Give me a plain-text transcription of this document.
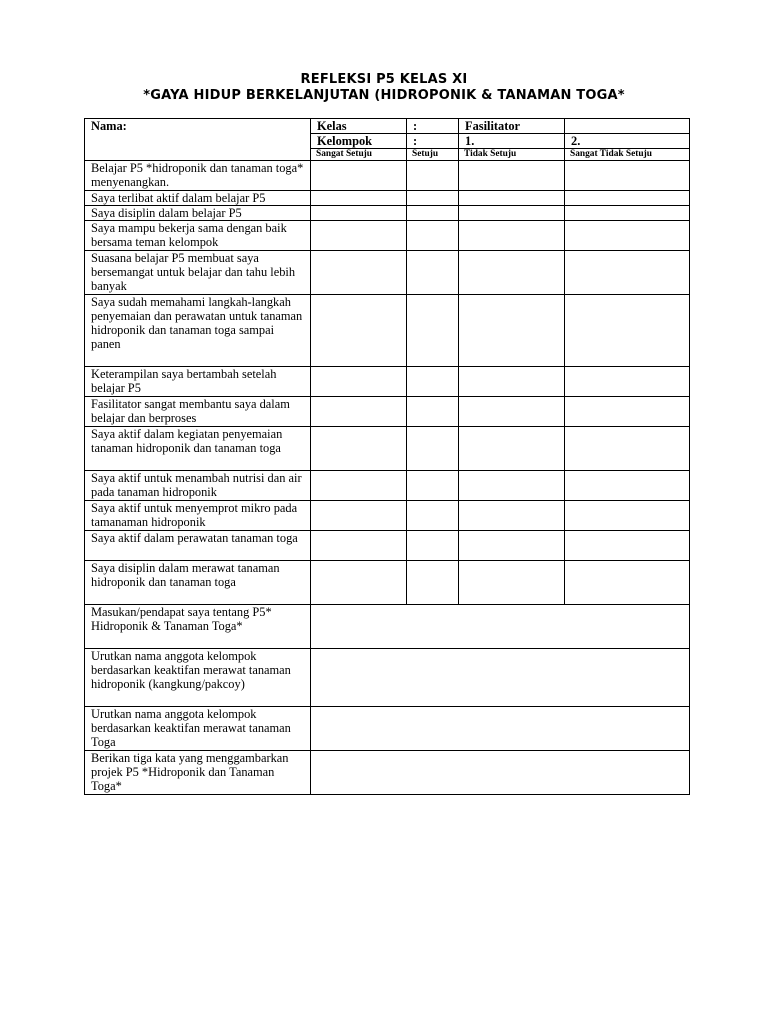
REFLEKSI P5 KELAS XI
*GAYA HIDUP BERKELANJUTAN (HIDROPONIK & TANAMAN TOGA*
Nama:	Kelas	:	Fasilitator	
	Kelompok	:	1.	2.
	Sangat Setuju	Setuju	Tidak Setuju	Sangat Tidak Setuju
Belajar P5 *hidroponik dan tanaman toga* menyenangkan.				
Saya terlibat aktif dalam belajar P5				
Saya disiplin dalam belajar P5				
Saya mampu bekerja sama dengan baik bersama teman kelompok				
Suasana belajar P5 membuat saya bersemangat untuk belajar dan tahu lebih banyak				
Saya sudah memahami langkah-langkah penyemaian dan perawatan untuk tanaman hidroponik dan tanaman toga sampai panen				
Keterampilan saya bertambah setelah belajar P5				
Fasilitator sangat membantu saya dalam belajar dan berproses				
Saya aktif dalam kegiatan penyemaian tanaman hidroponik dan tanaman toga				
Saya aktif untuk menambah nutrisi dan air pada tanaman hidroponik				
Saya aktif untuk menyemprot mikro pada tamanaman hidroponik				
Saya aktif dalam perawatan tanaman toga				
Saya disiplin dalam merawat tanaman hidroponik dan tanaman toga				
Masukan/pendapat saya tentang P5* Hidroponik & Tanaman Toga*				
Urutkan nama anggota kelompok berdasarkan keaktifan merawat tanaman hidroponik (kangkung/pakcoy)				
Urutkan nama anggota kelompok berdasarkan keaktifan merawat tanaman Toga				
Berikan tiga kata yang menggambarkan projek P5 *Hidroponik dan Tanaman Toga*				
